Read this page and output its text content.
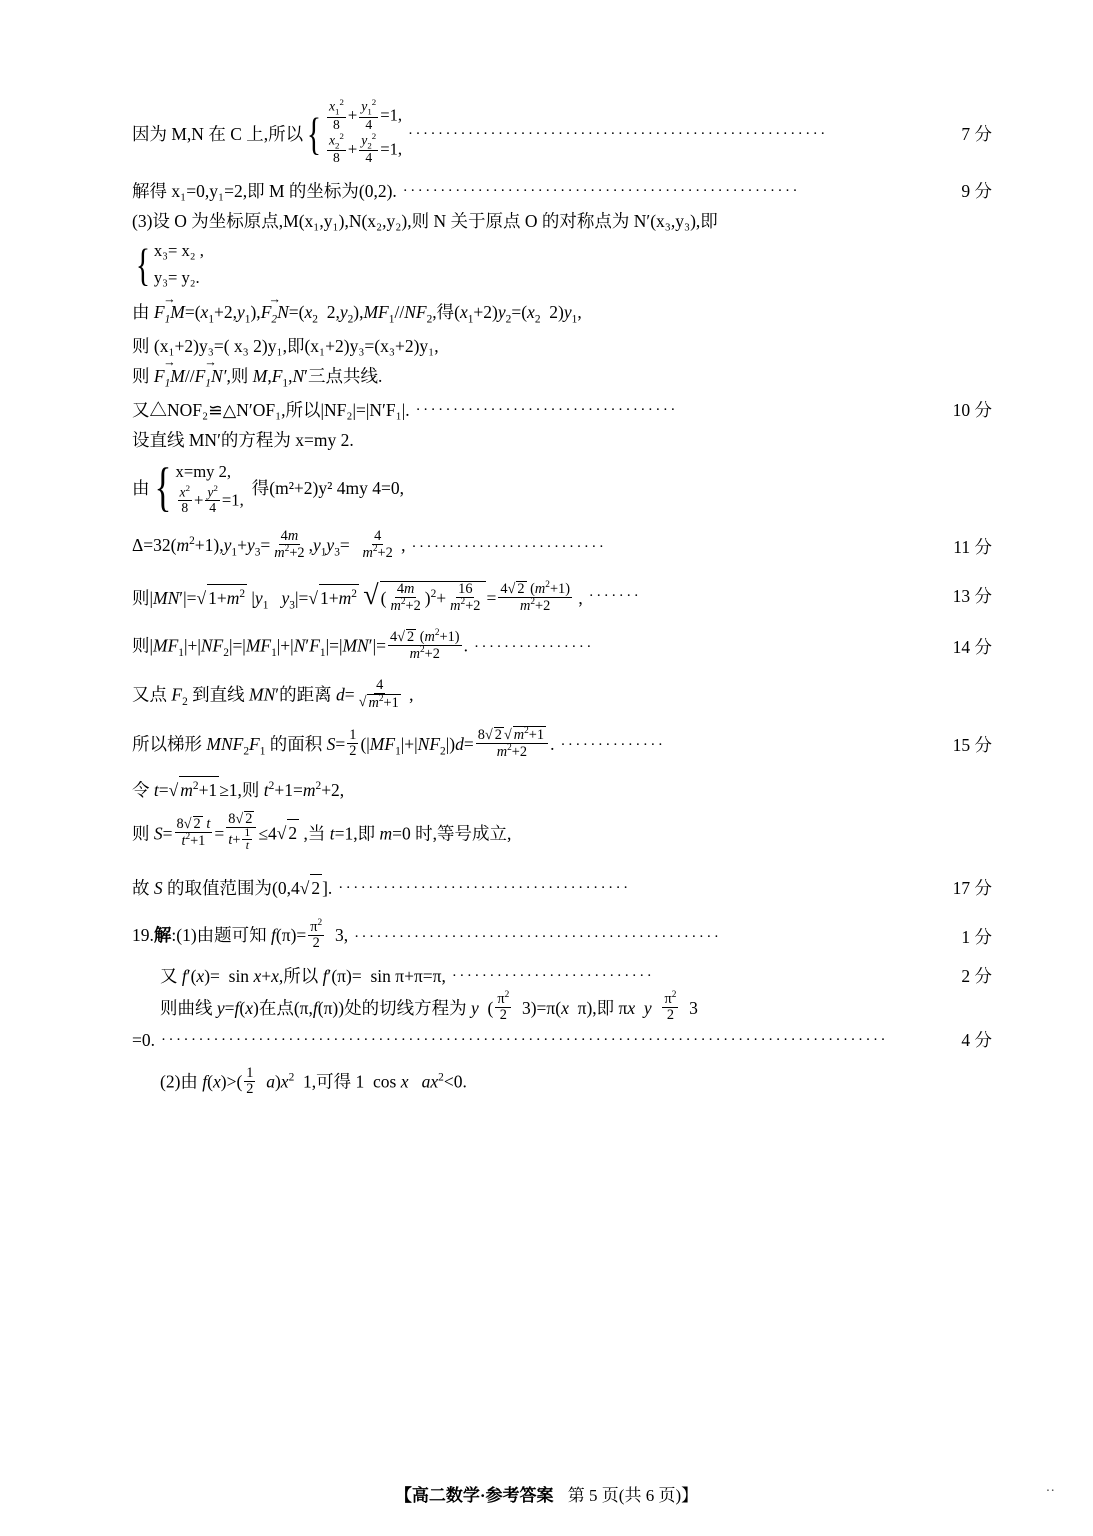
因为 M,N 在 C 上,所以 { $\frac{x_1^2}{8} + \frac{y_1^2}{4} =1$,
$\frac{x_2^2}{8} + \frac{y_2^2}{4} =1$,
························································	7 分
解得 x₁=0,y₁=2,即 M 的坐标为(0,2). ·····················································	9 分
(3)设 O 为坐标原点,M(x₁,y₁),N(x₂,y₂),则 N 关于原点 O 的对称点为 N′(x₃,y₃),即
{ x₃= x₂ ,
y₃= y₂.
由 $F_1M \to=(x_1+2,y_1),F_2N \to=(x_2$  $2,y_2),MF_1//NF_2$,得$(x_1+2)y_2=(x_2$  $2)y_1$,
则 (x₁+2)y₃=( x₃ 2)y₁,即(x₁+2)y₃=(x₃+2)y₁,
则 $F_1M \to//F_1N'$ →,则 $M,F_1,N'$三点共线.
又△NOF₂≌△N′OF₁,所以|NF₂|=|N′F₁|. ···································	10 分
设直线 MN′的方程为 x=my 2.
由 { x=my 2,
$\frac{x^2}{8} + \frac{y^2}{4} =1$,
得(m²+2)y² 4my 4=0,
$\Delta=32(m^2+1),y_1+y_3= \frac{4m}{m^2+2} ,y_1y_3= \frac{4}{m^2+2}$ , ··························	11 分
则|MN′|=√ $1+m^2$ $|y_1$ $y_3|=√$ $1+m^2$ √ ( $\frac{4m}{m^2+2} )^2+ \frac{16}{m^2+2} = \frac{4√ 2 (m^2+1)}{m^2+2}$ , ·······	13 分
则$|MF_1|+|NF_2|=|MF_1|+|N'F_1|=|MN'|= \frac{4√ 2 (m^2+1)}{m^2+2}$ . ················	14 分
又点 $F_2$ 到直线 MN′的距离 $d= \frac{4}{√ m^2+1}$ ,
所以梯形 $MNF_2F_1$ 的面积 $S= \frac{1}{2} (|MF_1|+|NF_2|)d= \frac{8√ 2 √ m^2+1}{m^2+2}$ . ··············	15 分
令 t=√ $m^2+1 \ge 1$,则 $t^2+1=m^2+2$,
则 $S= \frac{8√ 2 t}{t^2+1} = \frac{8√ 2}{t+ \frac{1}{t}} \le 4√$ 2 ,当 t=1,即 m=0 时,等号成立,
故 S 的取值范围为(0,4√ 2 ]. ·······································	17 分
19.解:(1)由题可知 $f(\pi)= \frac{\pi^2}{2} 3$, ·················································	1 分
又 f′(x)=  sin x+x,所以 f′(π)=  sin π+π=π, ···························	2 分
则曲线 y=f(x)在点(π,f(π))处的切线方程为 y  ( $\frac{\pi^2}{2} 3)=\pi(x$  π),即 πx y $\frac{\pi^2}{2} 3$
=0. ·································································································	4 分
(2)由 $f(x)>( \frac{1}{2} a)x^2$  1,可得 1  cos x $ax^2<0$.
【高二数学·参考答案 第 5 页(共 6 页)】	··
